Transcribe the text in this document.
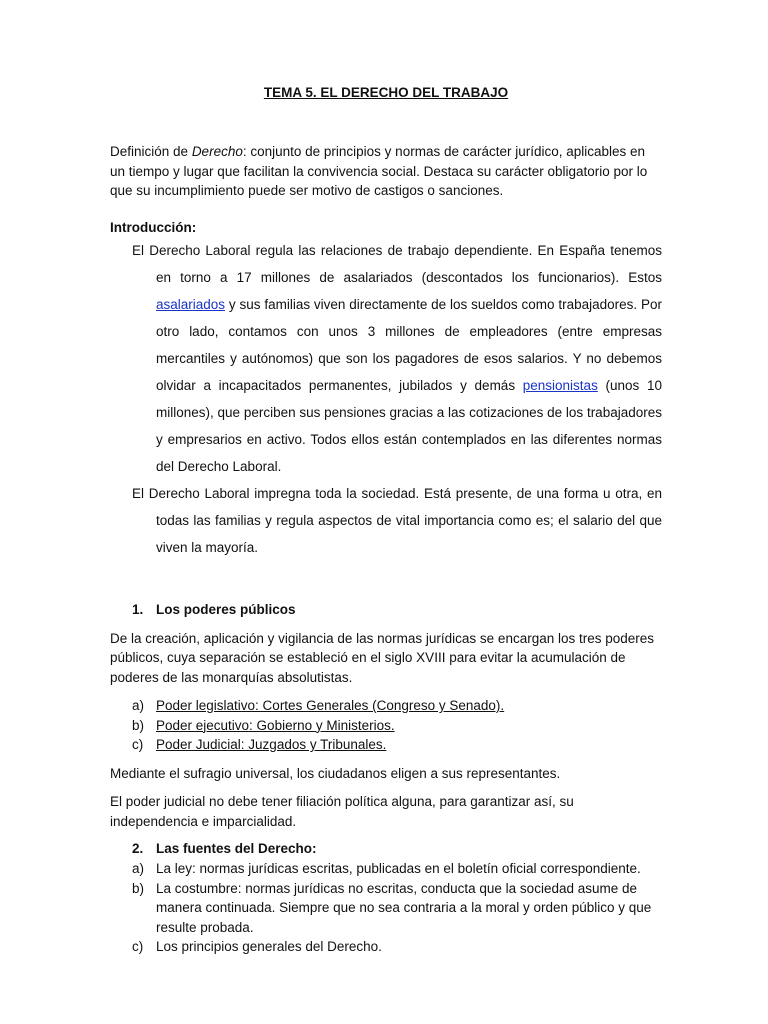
TEMA 5. EL DERECHO DEL TRABAJO

Definición de Derecho: conjunto de principios y normas de carácter jurídico, aplicables en un tiempo y lugar que facilitan la convivencia social. Destaca su carácter obligatorio por lo que su incumplimiento puede ser motivo de castigos o sanciones.

Introducción:

El Derecho Laboral regula las relaciones de trabajo dependiente. En España tenemos en torno a 17 millones de asalariados (descontados los funcionarios). Estos asalariados y sus familias viven directamente de los sueldos como trabajadores. Por otro lado, contamos con unos 3 millones de empleadores (entre empresas mercantiles y autónomos) que son los pagadores de esos salarios. Y no debemos olvidar a incapacitados permanentes, jubilados y demás pensionistas (unos 10 millones), que perciben sus pensiones gracias a las cotizaciones de los trabajadores y empresarios en activo. Todos ellos están contemplados en las diferentes normas del Derecho Laboral.

El Derecho Laboral impregna toda la sociedad. Está presente, de una forma u otra, en todas las familias y regula aspectos de vital importancia como es; el salario del que viven la mayoría.

1. Los poderes públicos

De la creación, aplicación y vigilancia de las normas jurídicas se encargan los tres poderes públicos, cuya separación se estableció en el siglo XVIII para evitar la acumulación de poderes de las monarquías absolutistas.

a) Poder legislativo: Cortes Generales (Congreso y Senado).
b) Poder ejecutivo: Gobierno y Ministerios.
c) Poder Judicial: Juzgados y Tribunales.

Mediante el sufragio universal, los ciudadanos eligen a sus representantes.

El poder judicial no debe tener filiación política alguna, para garantizar así, su independencia e imparcialidad.

2. Las fuentes del Derecho:

a) La ley: normas jurídicas escritas, publicadas en el boletín oficial correspondiente.
b) La costumbre: normas jurídicas no escritas, conducta que la sociedad asume de manera continuada. Siempre que no sea contraria a la moral y orden público y que resulte probada.
c) Los principios generales del Derecho.
